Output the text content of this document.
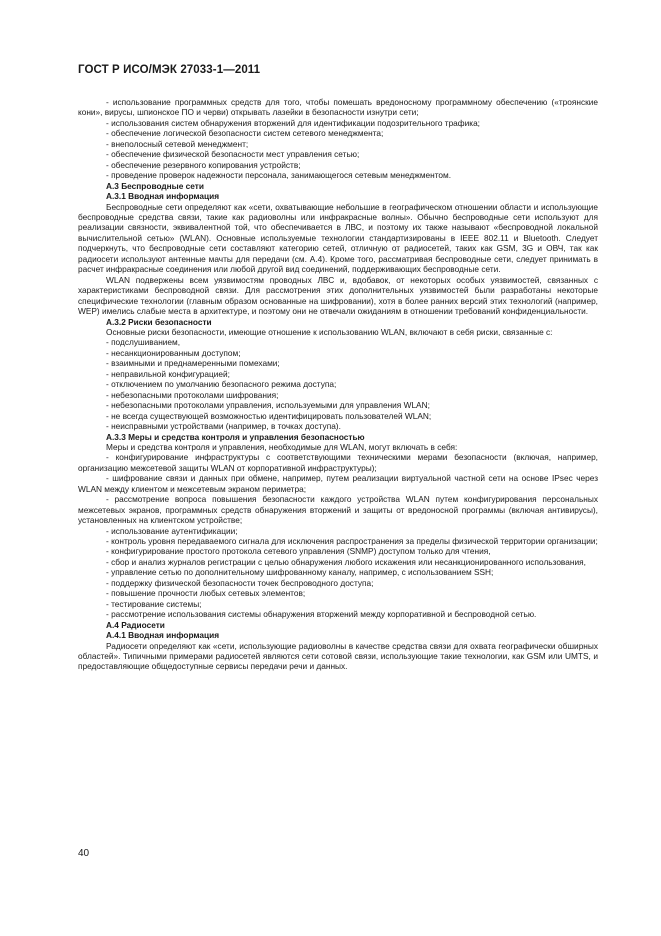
ГОСТ Р ИСО/МЭК 27033-1—2011

- использование программных средств для того, чтобы помешать вредоносному программному обеспечению («троянские кони», вирусы, шпионское ПО и черви) открывать лазейки в безопасности изнутри сети;

- использования систем обнаружения вторжений для идентификации подозрительного трафика;

- обеспечение логической безопасности систем сетевого менеджмента;

- внеполосный сетевой менеджмент;

- обеспечение физической безопасности мест управления сетью;

- обеспечение резервного копирования устройств;

- проведение проверок надежности персонала, занимающегося сетевым менеджментом.

А.3 Беспроводные сети

А.3.1 Вводная информация

Беспроводные сети определяют как «сети, охватывающие небольшие в географическом отношении области и использующие беспроводные средства связи, такие как радиоволны или инфракрасные волны». Обычно беспроводные сети используют для реализации связности, эквивалентной той, что обеспечивается в ЛВС, и поэтому их также называют «беспроводной локальной вычислительной сетью» (WLAN). Основные используемые технологии стандартизированы в IEEE 802.11 и Bluetooth. Следует подчеркнуть, что беспроводные сети составляют категорию сетей, отличную от радиосетей, таких как GSM, 3G и ОВЧ, так как радиосети используют антенные мачты для передачи (см. А.4). Кроме того, рассматривая беспроводные сети, следует принимать в расчет инфракрасные соединения или любой другой вид соединений, поддерживающих беспроводные сети.

WLAN подвержены всем уязвимостям проводных ЛВС и, вдобавок, от некоторых особых уязвимостей, связанных с характеристиками беспроводной связи. Для рассмотрения этих дополнительных уязвимостей были разработаны некоторые специфические технологии (главным образом основанные на шифровании), хотя в более ранних версий этих технологий (например, WEP) имелись слабые места в архитектуре, и поэтому они не отвечали ожиданиям в отношении требований конфиденциальности.

А.3.2 Риски безопасности

Основные риски безопасности, имеющие отношение к использованию WLAN, включают в себя риски, связанные с:

- подслушиванием,

- несанкционированным доступом;

- взаимными и преднамеренными помехами;

- неправильной конфигурацией;

- отключением по умолчанию безопасного режима доступа;

- небезопасными протоколами шифрования;

- небезопасными протоколами управления, используемыми для управления WLAN;

- не всегда существующей возможностью идентифицировать пользователей WLAN;

- неисправными устройствами (например, в точках доступа).

А.3.3 Меры и средства контроля и управления безопасностью

Меры и средства контроля и управления, необходимые для WLAN, могут включать в себя:

- конфигурирование инфраструктуры с соответствующими техническими мерами безопасности (включая, например, организацию межсетевой защиты WLAN от корпоративной инфраструктуры);

- шифрование связи и данных при обмене, например, путем реализации виртуальной частной сети на основе IPsec через WLAN между клиентом и межсетевым экраном периметра;

- рассмотрение вопроса повышения безопасности каждого устройства WLAN путем конфигурирования персональных межсетевых экранов, программных средств обнаружения вторжений и защиты от вредоносной программы (включая антивирусы), установленных на клиентском устройстве;

- использование аутентификации;

- контроль уровня передаваемого сигнала для исключения распространения за пределы физической территории организации;

- конфигурирование простого протокола сетевого управления (SNMP) доступом только для чтения,

- сбор и анализ журналов регистрации с целью обнаружения любого искажения или несанкционированного использования,

- управление сетью по дополнительному шифрованному каналу, например, с использованием SSH;

- поддержку физической безопасности точек беспроводного доступа;

- повышение прочности любых сетевых элементов;

- тестирование системы;

- рассмотрение использования системы обнаружения вторжений между корпоративной и беспроводной сетью.

А.4 Радиосети

А.4.1 Вводная информация

Радиосети определяют как «сети, использующие радиоволны в качестве средства связи для охвата географически обширных областей». Типичными примерами радиосетей являются сети сотовой связи, использующие такие технологии, как GSM или UMTS, и предоставляющие общедоступные сервисы передачи речи и данных.

40
